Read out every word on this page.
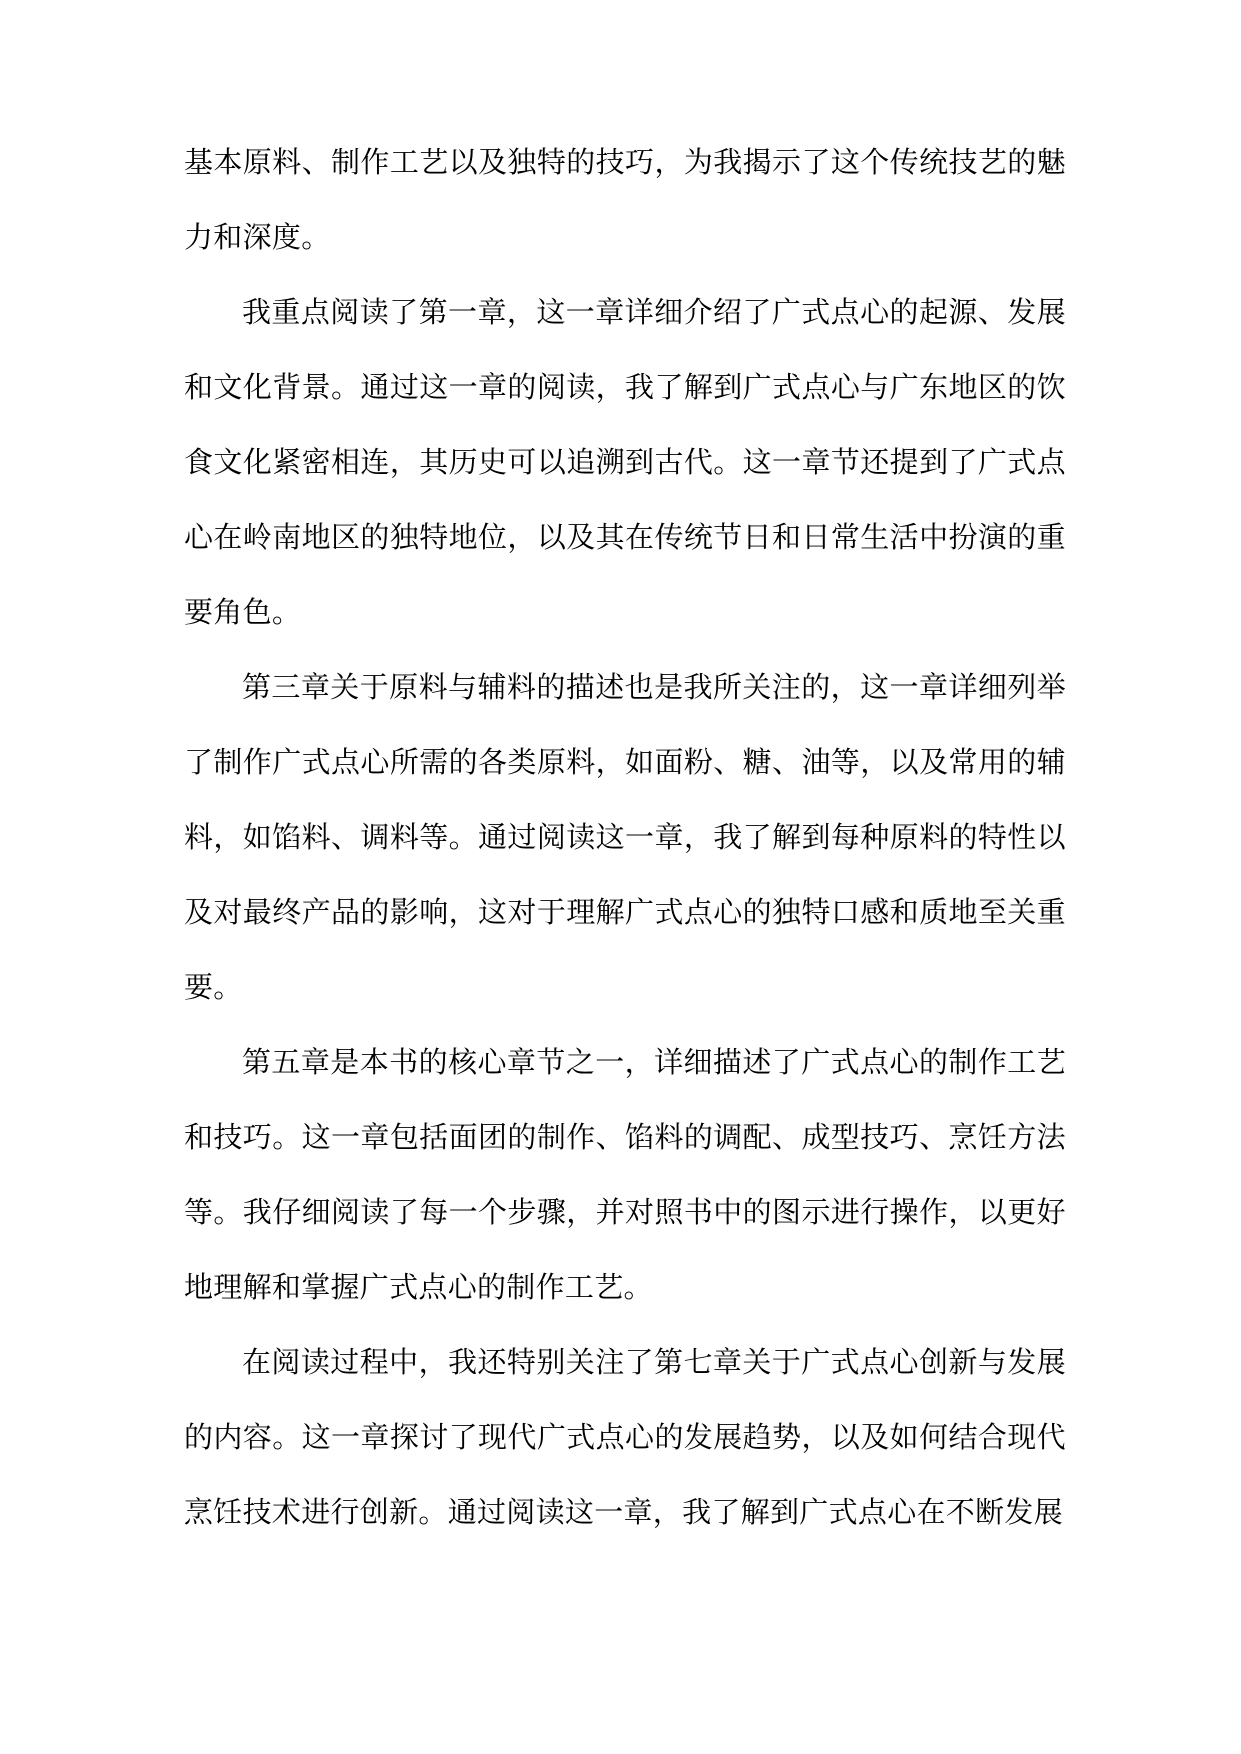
基本原料、制作工艺以及独特的技巧，为我揭示了这个传统技艺的魅力和深度。

我重点阅读了第一章，这一章详细介绍了广式点心的起源、发展和文化背景。通过这一章的阅读，我了解到广式点心与广东地区的饮食文化紧密相连，其历史可以追溯到古代。这一章节还提到了广式点心在岭南地区的独特地位，以及其在传统节日和日常生活中扮演的重要角色。

第三章关于原料与辅料的描述也是我所关注的，这一章详细列举了制作广式点心所需的各类原料，如面粉、糖、油等，以及常用的辅料，如馅料、调料等。通过阅读这一章，我了解到每种原料的特性以及对最终产品的影响，这对于理解广式点心的独特口感和质地至关重要。

第五章是本书的核心章节之一，详细描述了广式点心的制作工艺和技巧。这一章包括面团的制作、馅料的调配、成型技巧、烹饪方法等。我仔细阅读了每一个步骤，并对照书中的图示进行操作，以更好地理解和掌握广式点心的制作工艺。

在阅读过程中，我还特别关注了第七章关于广式点心创新与发展的内容。这一章探讨了现代广式点心的发展趋势，以及如何结合现代烹饪技术进行创新。通过阅读这一章，我了解到广式点心在不断发展
